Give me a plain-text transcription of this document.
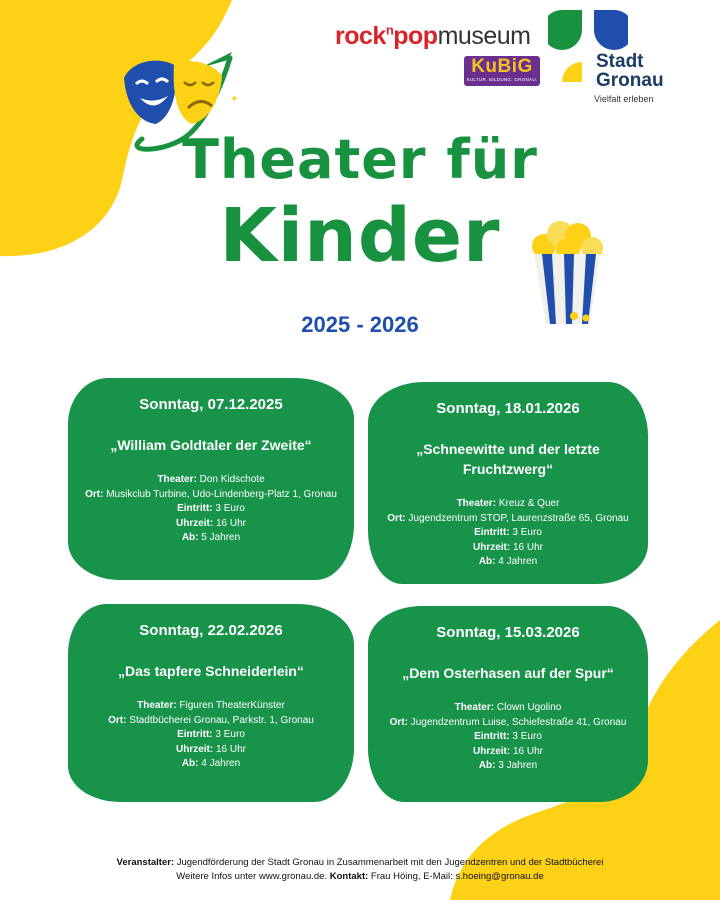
✦
✦
rock$^n$popmuseum
KuBiG
KULTUR. BILDUNG. GRONAU.
Stadt
Gronau
Vielfalt erleben
Theater für
Kinder
2025 - 2026
Sonntag, 07.12.2025
„William Goldtaler der Zweite“
Theater: Don Kidschote
Ort: Musikclub Turbine, Udo-Lindenberg-Platz 1, Gronau
Eintritt: 3 Euro
Uhrzeit: 16 Uhr
Ab: 5 Jahren
Sonntag, 18.01.2026
„Schneewitte und der letzte Fruchtzwerg“
Theater: Kreuz & Quer
Ort: Jugendzentrum STOP, Laurenzstraße 65, Gronau
Eintritt: 3 Euro
Uhrzeit: 16 Uhr
Ab: 4 Jahren
Sonntag, 22.02.2026
„Das tapfere Schneiderlein“
Theater: Figuren TheaterKünster
Ort: Stadtbücherei Gronau, Parkstr. 1, Gronau
Eintritt: 3 Euro
Uhrzeit: 16 Uhr
Ab: 4 Jahren
Sonntag, 15.03.2026
„Dem Osterhasen auf der Spur“
Theater: Clown Ugolino
Ort: Jugendzentrum Luise, Schiefestraße 41, Gronau
Eintritt: 3 Euro
Uhrzeit: 16 Uhr
Ab: 3 Jahren
Veranstalter: Jugendförderung der Stadt Gronau in Zusammenarbeit mit den Jugendzentren und der Stadtbücherei
Weitere Infos unter www.gronau.de. Kontakt: Frau Höing, E-Mail: s.hoeing@gronau.de
